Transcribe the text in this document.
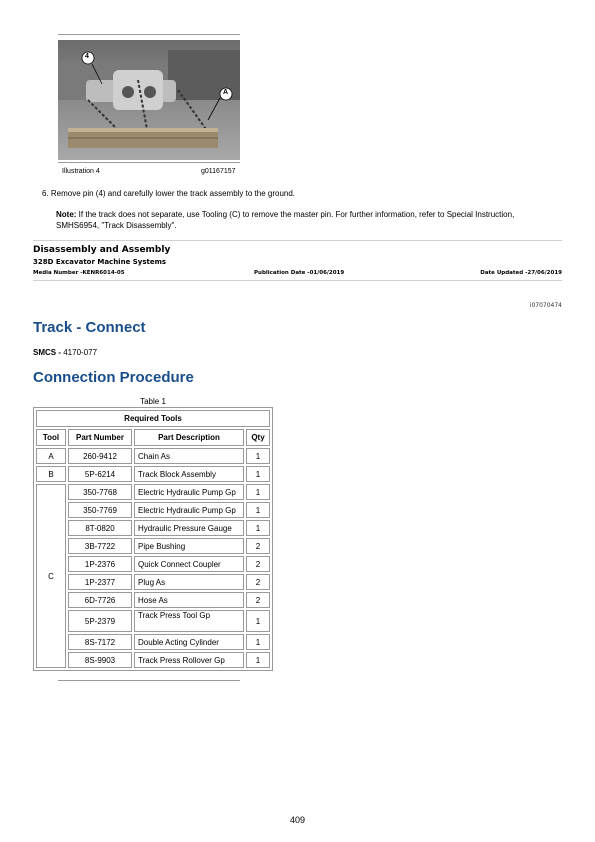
4
A
Illustration 4	g01167157
6. Remove pin (4) and carefully lower the track assembly to the ground.
Note: If the track does not separate, use Tooling (C) to remove the master pin. For further information, refer to Special Instruction, SMHS6954, "Track Disassembly".
Disassembly and Assembly
328D Excavator Machine Systems
Media Number -KENR6014-05	Publication Date -01/06/2019	Date Updated -27/06/2019
i07070474
Track - Connect
SMCS - 4170-077
Connection Procedure
Table 1
Required Tools			
Tool	Part Number	Part Description	Qty
A	260-9412	Chain As	1
B	5P-6214	Track Block Assembly	1
C	350-7768	Electric Hydraulic Pump Gp	1
	350-7769	Electric Hydraulic Pump Gp	1
	8T-0820	Hydraulic Pressure Gauge	1
	3B-7722	Pipe Bushing	2
	1P-2376	Quick Connect Coupler	2
	1P-2377	Plug As	2
	6D-7726	Hose As	2
	5P-2379	Track Press Tool Gp	1
	8S-7172	Double Acting Cylinder	1
	8S-9903	Track Press Rollover Gp	1
409
